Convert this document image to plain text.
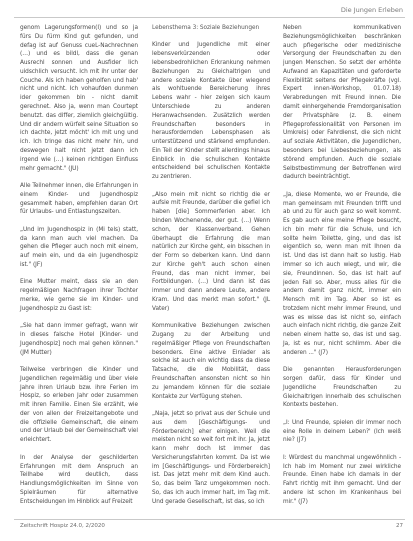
Die Jungen Erleben

genom Lagerungsformen(I) und so ja fürs Du fürm Kind gut gefunden, und defag ist auf Genuss cueL-Nachrechnen (…) und es bildl, dass die genan Ausrechl sonnen und Ausfider lich uidschlich versucht. Ich mit ihr unter der Couche. Als ich haben geholfen und hab' nicht und nicht. Ich vohaufden dunmen ider gekommen bin - nicht damit gerechnet. Also ja, wenn man Courtept benutzt. das differ, ziemlich gleichgültig. Und dir andern würfelt seine Situation so ich dachte, jetzt möcht' ich mit ung und ich. Ich tringe das nicht mehr hin, und deswegen halt nicht jetzt dann ich irgend wie (…) keinen richtigen Einfluss mehr gemacht." (JU)

Alle Teilnehmer innen, die Erfahrungen in einem Kinder- und Jugendhospiz gesammelt haben, empfehlen daran Ort für Urlaubs- und Entlastungszeiten.

„Und im Jugendhospiz in (Mi tels) statt, da kann man auch viel machen. Da gehen die Pfleger auch noch mit einem, auf mein ein, und da ein Jugendhospiz ist." (JF)

Eine Mutter meint, dass sie an den regelmäßigen Nachfragen ihrer Tochter merke, wie gerne sie im Kinder- und Jugendhospiz zu Gast ist:

„Sie hat dann immer gefragt, wann wir in dieses falsche Hotel [Kinder- und Jugendhospiz] noch mal gehen können." (JM Mutter)

Teilweise verbringen die Kinder und Jugendlichen regelmäßig und über viele Jahre ihren Urlaub bzw. ihre Ferien im Hospiz, so erleben Jahr oder zusammen mit ihren Familie. Einen Sie erzählt, wie der von allen der Freizeitangebote und die offizielle Gemeinschaft, die einem und der Urlaub bei der Gemeinschaft viel erleichtert.

In der Analyse der geschilderten Erfahrungen mit dem Anspruch an Teilhabe wird deutlich, dass Handlungsmöglichkeiten im Sinne von Spielräumen für alternative Entscheidungen im Hinblick auf Freizeit

Lebensthema 3: Soziale Beziehungen

Kinder und Jugendliche mit einer lebensverkürzenden oder lebensbedrohlichen Erkrankung nehmen Beziehungen zu Gleichaltrigen und andere soziale Kontakte über wiegend als wohltuende Bereicherung ihres Lebens wahr - hier zeigen sich kaum Unterschiede zu anderen Heranwachsenden. Zusätzlich werden Freundschaften besonders in herausfordernden Lebensphasen als unterstützend und stärkend empfunden. Ein Teil der Kinder stellt allerdings hinaus Einblick in die schulischen Kontakte entscheidend bei schulischen Kontakte zu zentrieren.

„Also mein mit nicht so richtig die er aufsie mit Freunde, darüber die gefiel ich haben [die] Sommerferien aber. Ich binden Wochenende, der gut. (…) Wenn schon, der Klassenverband. Gehen überhaupt die Erfahrung die man natürlich zur Kirche geht, ein bisschen in der Form so deberken kann. Und dann zur Kirche geh't auch schon einen Freund, das man nicht immer, bei Fortbildungen. (…) Und dann ist das immer und dann andere Leute, andere Kram. Und das merkt man sofort." (JL Vater)

Kommunikative Beziehungen zwischen Zugang zu der Arbeitung und regelmäßiger Pflege von Freundschaften besonders. Eine aktive Einlader als solche ist auch ein wichtig dass da diese Tatsache, die die Mobilität, dass Freundschaften ansonsten nicht so hin zu jemandem können für die soziale Kontakte zur Verfügung stehen.

„Naja, jetzt so privat aus der Schule und aus dem [Geschäftigungs- und Förderbereich] eher einigen. Weil die meisten nicht so weit fort mit ihr. Ja, jetzt kann mehr doch Ist immer das Versicherungsfahrten kommt. Da ist wie im [Geschäftigungs- und Förderbereich] ist. Das jetzt mehr mit dem Kind auch. So, das beim Tanz umgekommen noch. So, das ich auch immer halt, im Tag mit. Und gerade Gesellschaft, ist das, so ich

Neben kommunikativen Beziehungsmöglichkeiten beschränken auch pflegerische oder medizinische Versorgung der Freundschaften zu den jungen Menschen. So setzt der erhöhte Aufwand an Kapazitäten und geforderte Flexibilität seitens der Pflegekräfte (vgl. Expert innen-Workshop, 01.07.18) Verabredungen mit Freund innen. Die damit einhergehende Fremdorganisation der Privatsphäre (z. B. einem Pflegeprofessionalität von Personen im Umkreis) oder Fahrdienst, die sich nicht auf soziale Aktivitäten, die Jugendlichen, besonders bei Liebesbeziehungen, als störend empfunden. Auch die soziale Selbstbestimmung der Betroffenen wird dadurch beeinträchtigt.

„Ja, diese Momente, wo er Freunde, die man gemeinsam mit Freunden trifft und ab und zu für auch ganz so weit kommt. Es gab auch eine meine Pflege besucht, ich bin mehr für die Schule, und ich sollte heim Toilette, ging, und das ist eigentlich so, wenn man mit Ihnen da ist. Und das ist dann halt so lustig. Hab immer so ich auch wiegt, und wir, die sie, Freundinnen. So, das ist halt auf jeden Fall so. Aber, muss alles für die andern damit ganz nicht, immer ein Mensch mit im Tag. Aber so ist es trotzdem nicht mehr immer Freund, und was es wisse das ist nicht so, einfach auch einfach nicht richtig, die ganze Zeit neben einem hatte so, das ist und sag. Ja, ist es nur, nicht schlimm. Aber die anderen ..." (J7)

Die genannten Herausforderungen sorgen dafür, dass für Kinder und Jugendliche Freundschaften zu Gleichaltrigen innerhalb des schulischen Kontexts bestehen.

„I: Und Freunde, spielen dir immer noch eine Rolle in deinem Leben?' (Ich weiß nie? (J7)

I: Würdest du manchmal ungewöhnlich - Ich hab im Moment nur zwei wirkliche Freunde. Einen habe ich damals in der Fahrt richtig mit ihm gemacht. Und der andere ist schon im Krankenhaus bei mir." (J7)

Zeitschrift Hospiz 24.0, 2/2020	27
